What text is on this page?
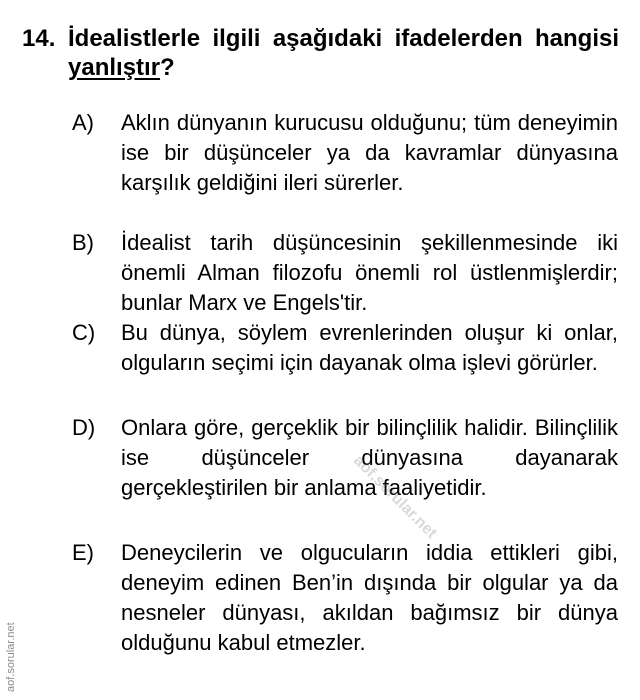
14. İdealistlerle ilgili aşağıdaki ifadelerden hangisi yanlıştır?
A) Aklın dünyanın kurucusu olduğunu; tüm deneyimin ise bir düşünceler ya da kavramlar dünyasına karşılık geldiğini ileri sürerler.
B) İdealist tarih düşüncesinin şekillenmesinde iki önemli Alman filozofu önemli rol üstlenmişlerdir; bunlar Marx ve Engels'tir.
C) Bu dünya, söylem evrenlerinden oluşur ki onlar, olguların seçimi için dayanak olma işlevi görürler.
D) Onlara göre, gerçeklik bir bilinçlilik halidir. Bilinçlilik ise düşünceler dünyasına dayanarak gerçekleştirilen bir anlama faaliyetidir.
E) Deneycilerin ve olgucuların iddia ettikleri gibi, deneyim edinen Ben’in dışında bir olgular ya da nesneler dünyası, akıldan bağımsız bir dünya olduğunu kabul etmezler.
aof.sorular.net
aof.sorular.net
